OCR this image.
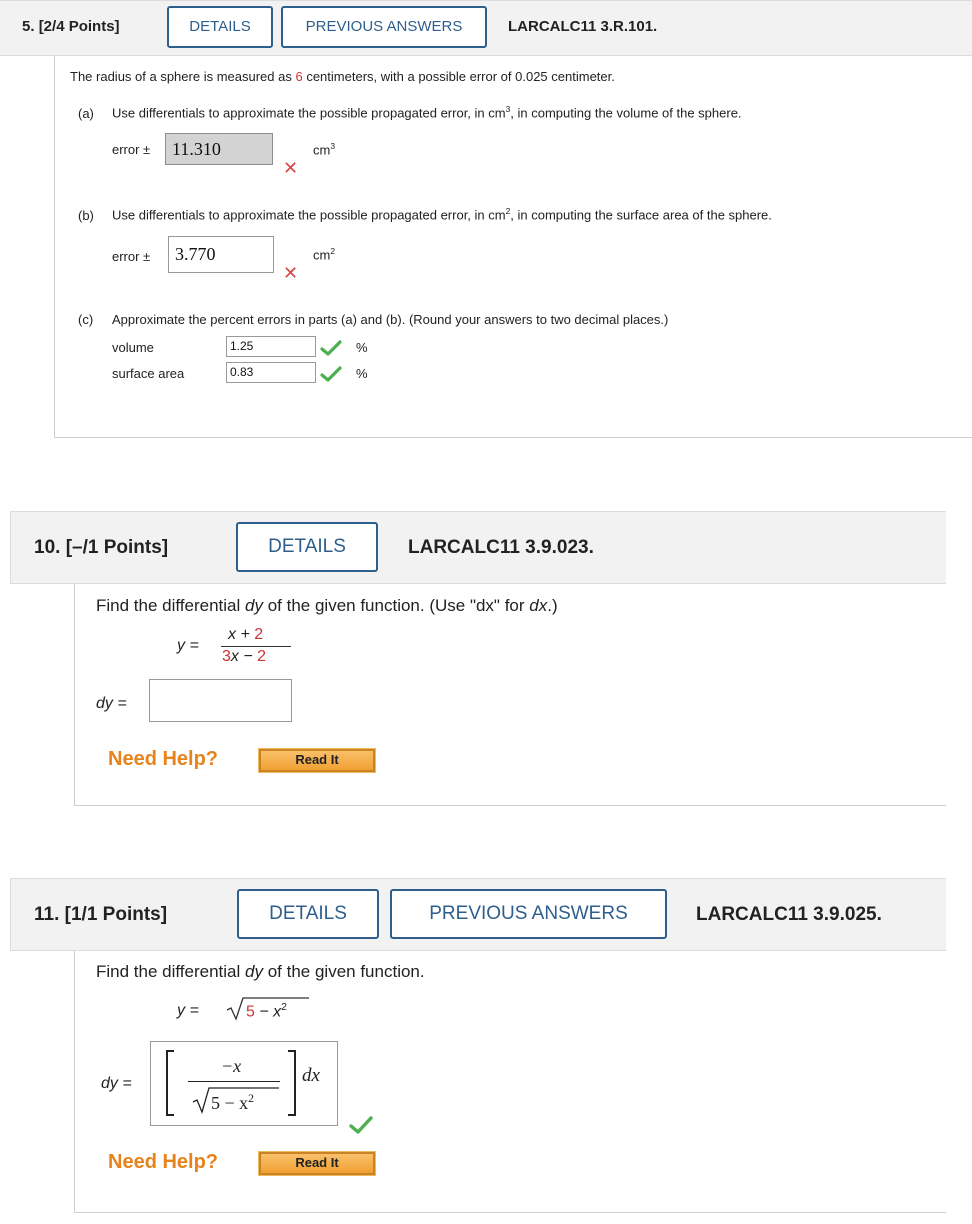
5. [2/4 Points]	DETAILS	PREVIOUS ANSWERS	LARCALC11 3.R.101.
The radius of a sphere is measured as 6 centimeters, with a possible error of 0.025 centimeter.
(a) Use differentials to approximate the possible propagated error, in $cm^3$, in computing the volume of the sphere.
error ±	11.310
✕
$cm^3$
(b) Use differentials to approximate the possible propagated error, in $cm^2$, in computing the surface area of the sphere.
error ±	3.770
✕
$cm^2$
(c) Approximate the percent errors in parts (a) and (b). (Round your answers to two decimal places.)
volume	1.25	%
surface area	0.83	%
10. [–/1 Points]	DETAILS	LARCALC11 3.9.023.
Find the differential dy of the given function. (Use "dx" for dx.)
y =
x + 2
3x − 2
dy =
Need Help?	Read It
11. [1/1 Points]	DETAILS	PREVIOUS ANSWERS	LARCALC11 3.9.025.
Find the differential dy of the given function.
y =	$5 - x^2$
dy =
−x
$5 - x^2$
dx
Need Help?	Read It
